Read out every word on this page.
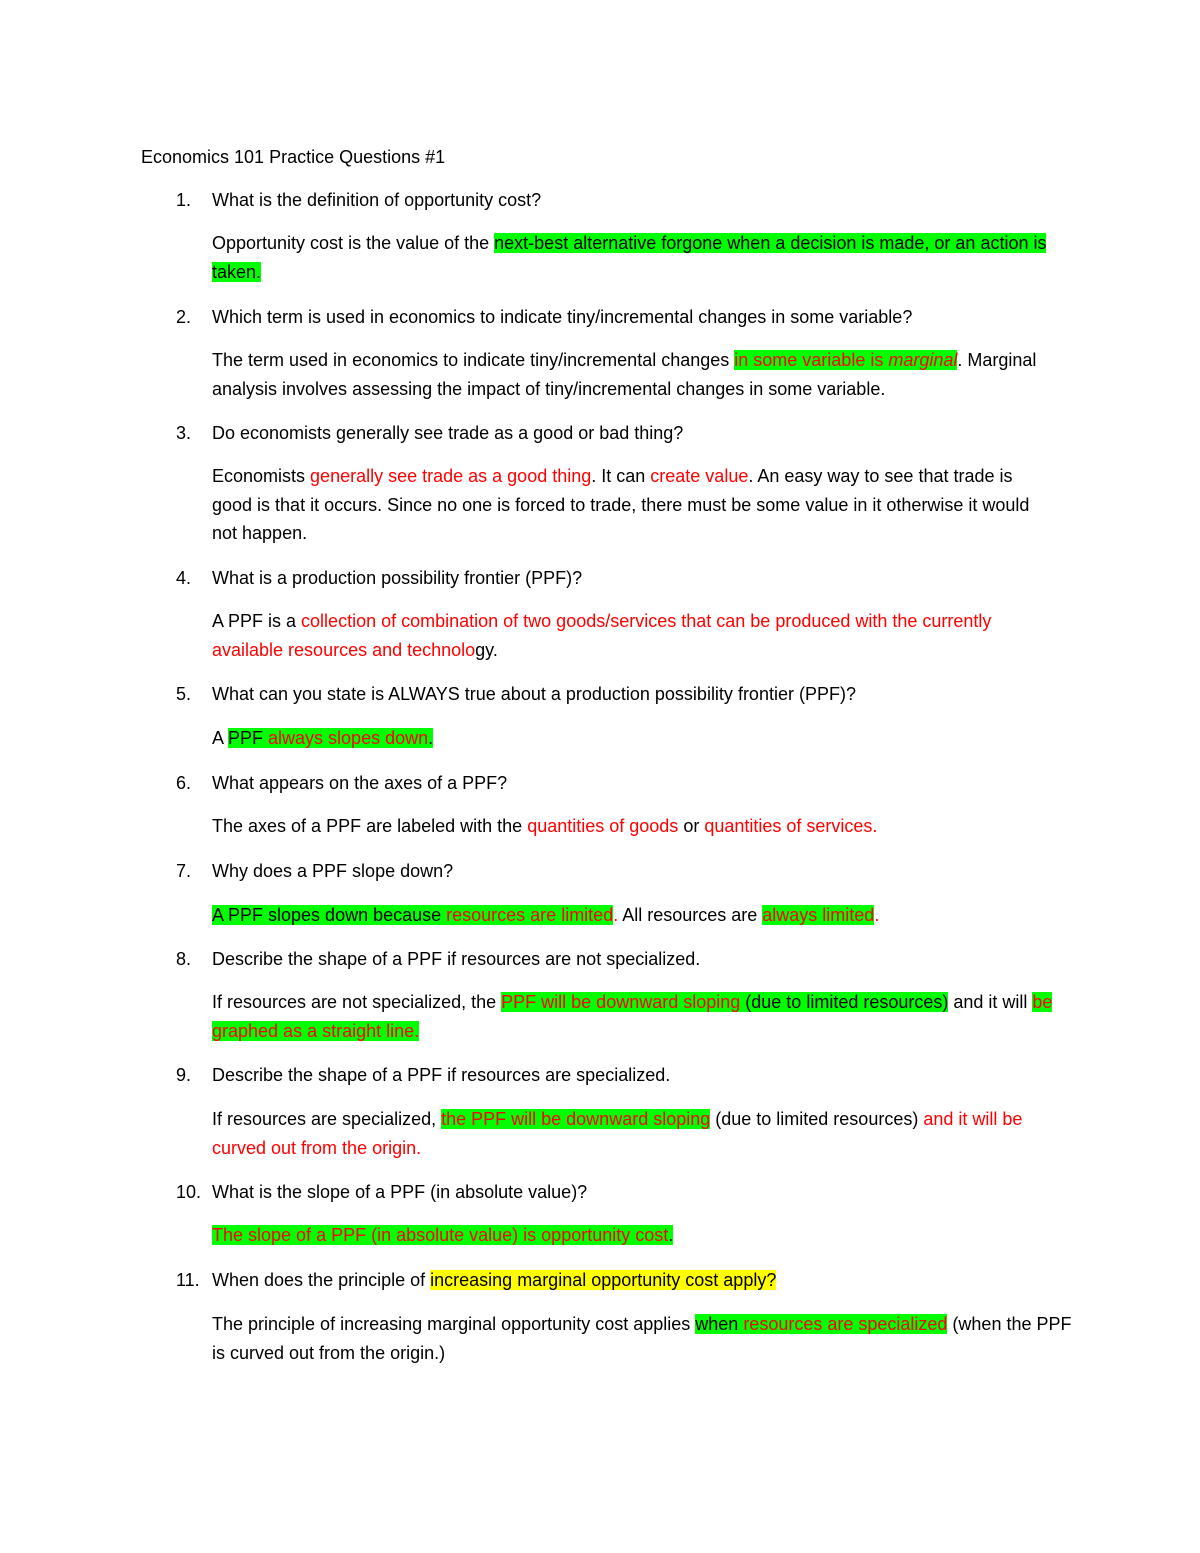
Economics 101 Practice Questions #1
1. What is the definition of opportunity cost?
Opportunity cost is the value of the next-best alternative forgone when a decision is made, or an action is taken.
2. Which term is used in economics to indicate tiny/incremental changes in some variable?
The term used in economics to indicate tiny/incremental changes in some variable is marginal. Marginal analysis involves assessing the impact of tiny/incremental changes in some variable.
3. Do economists generally see trade as a good or bad thing?
Economists generally see trade as a good thing. It can create value. An easy way to see that trade is good is that it occurs. Since no one is forced to trade, there must be some value in it otherwise it would not happen.
4. What is a production possibility frontier (PPF)?
A PPF is a collection of combination of two goods/services that can be produced with the currently available resources and technology.
5. What can you state is ALWAYS true about a production possibility frontier (PPF)?
A PPF always slopes down.
6. What appears on the axes of a PPF?
The axes of a PPF are labeled with the quantities of goods or quantities of services.
7. Why does a PPF slope down?
A PPF slopes down because resources are limited. All resources are always limited.
8. Describe the shape of a PPF if resources are not specialized.
If resources are not specialized, the PPF will be downward sloping (due to limited resources) and it will be graphed as a straight line.
9. Describe the shape of a PPF if resources are specialized.
If resources are specialized, the PPF will be downward sloping (due to limited resources) and it will be curved out from the origin.
10. What is the slope of a PPF (in absolute value)?
The slope of a PPF (in absolute value) is opportunity cost.
11. When does the principle of increasing marginal opportunity cost apply?
The principle of increasing marginal opportunity cost applies when resources are specialized (when the PPF is curved out from the origin.)
